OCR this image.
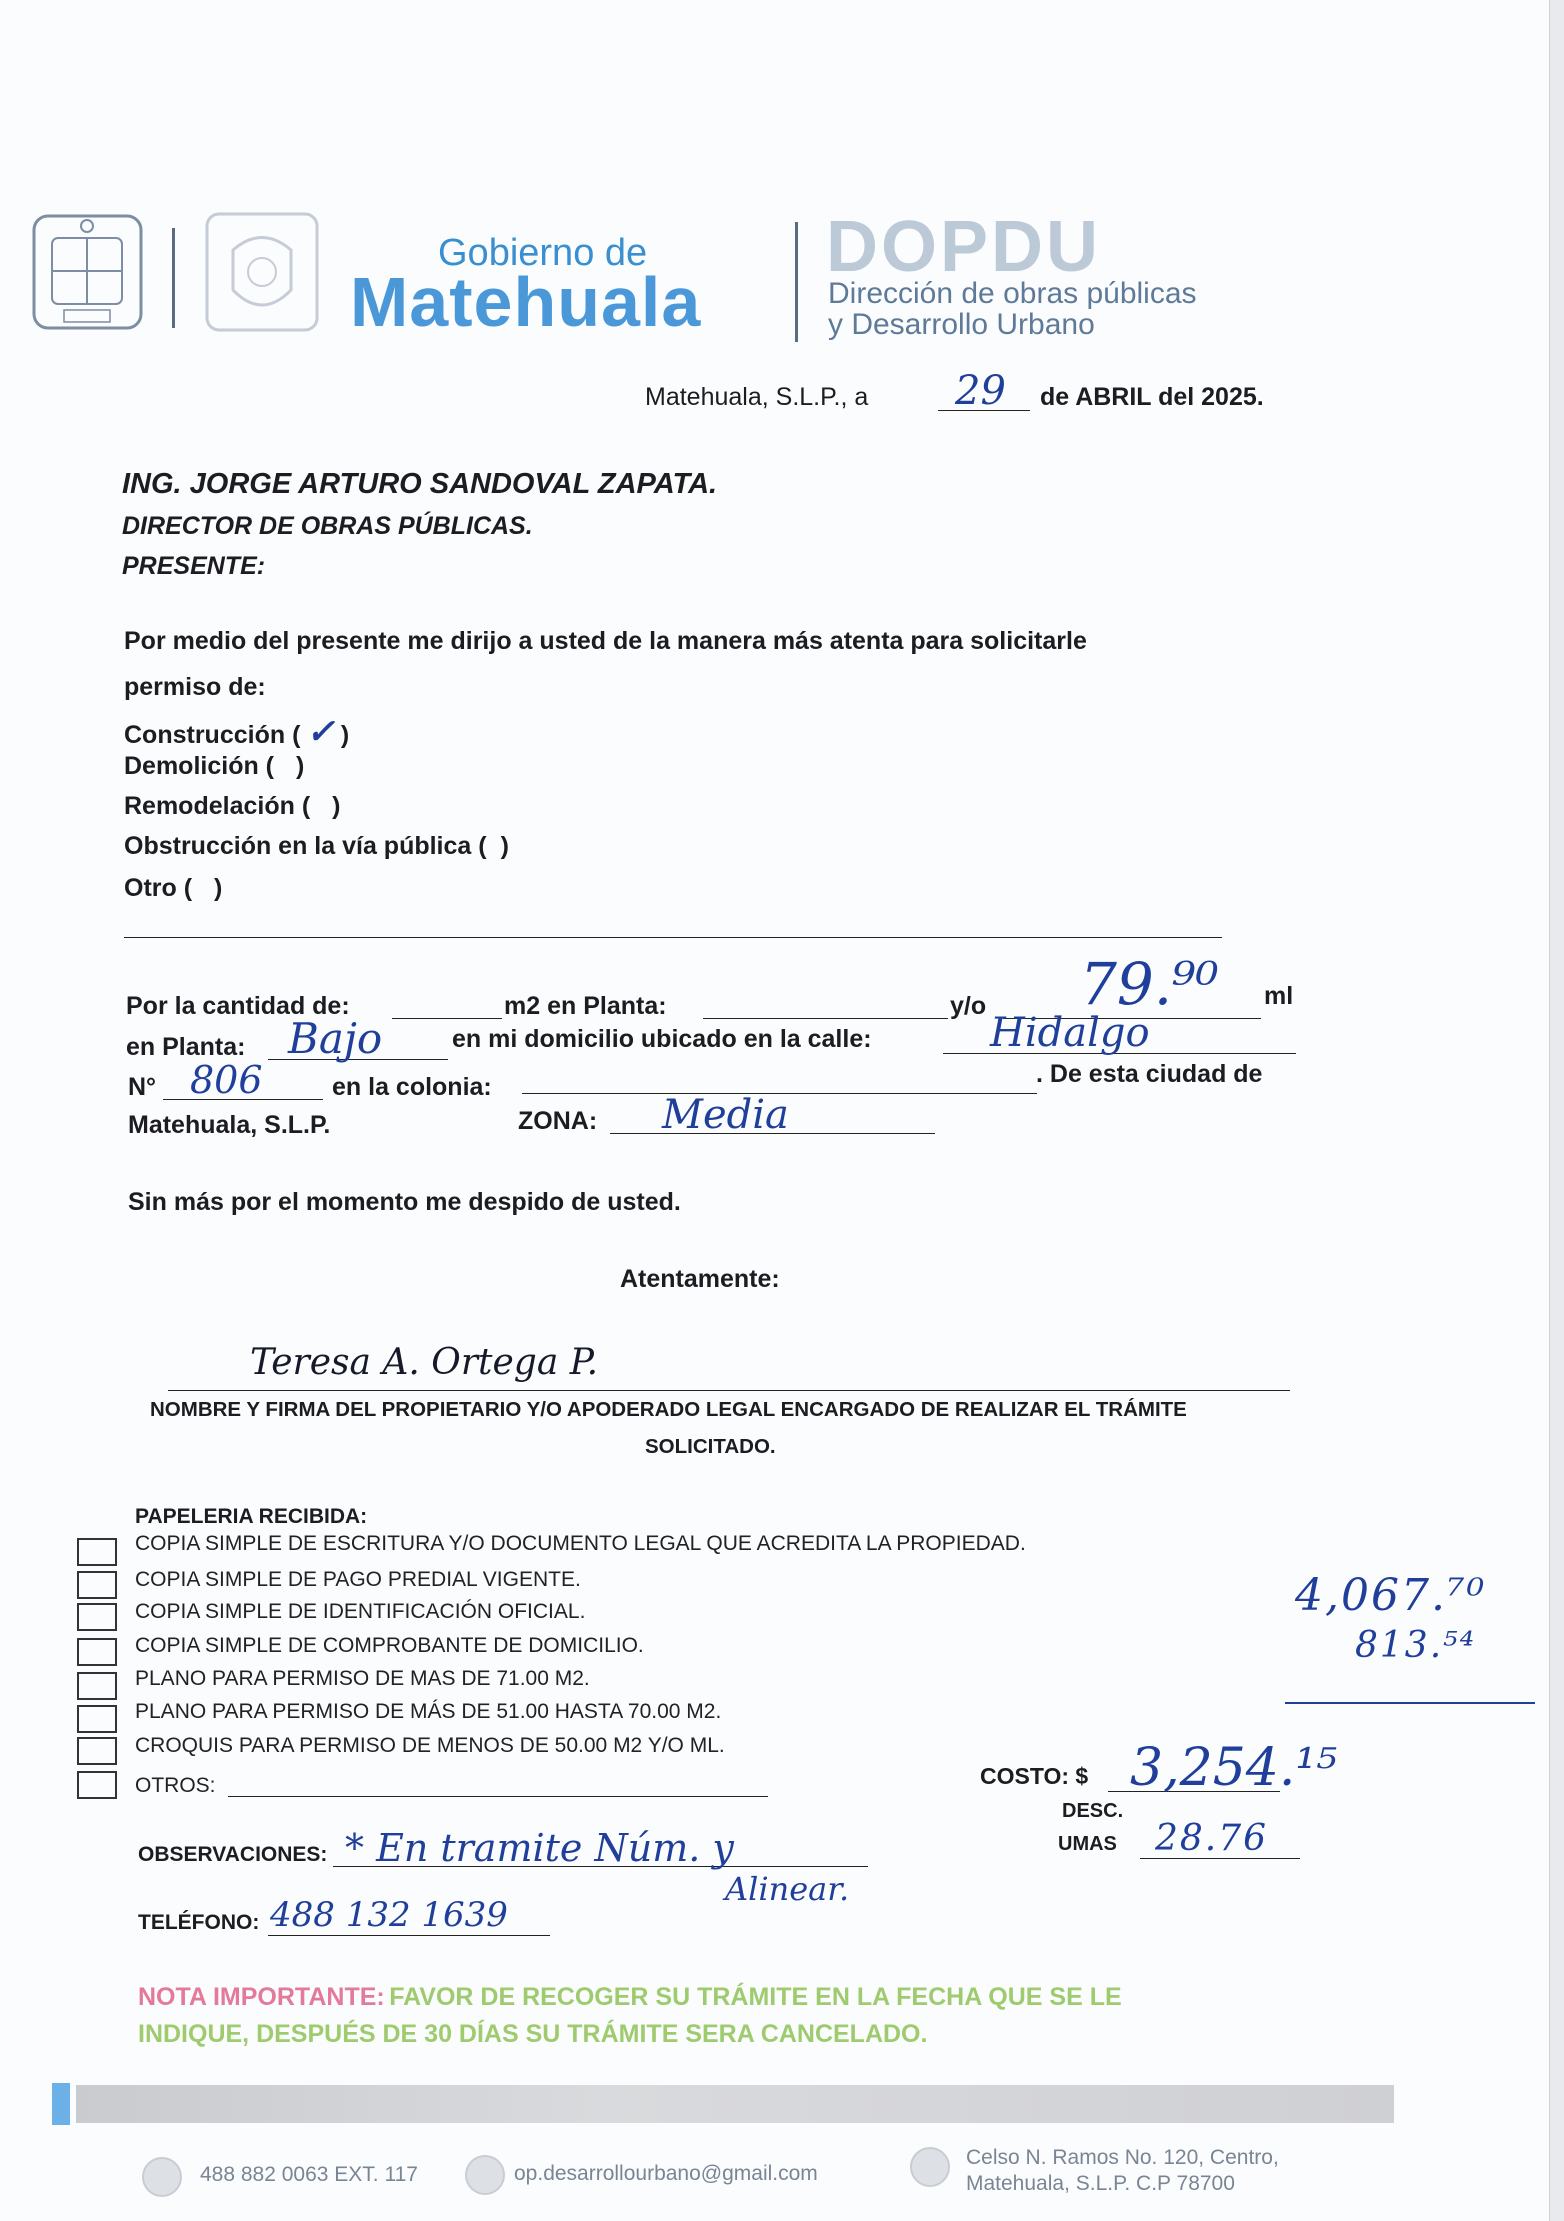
Gobierno de
Matehuala
DOPDU
Dirección de obras públicas
y Desarrollo Urbano
Matehuala, S.L.P., a 29 de ABRIL del 2025.
ING. JORGE ARTURO SANDOVAL ZAPATA.
DIRECTOR DE OBRAS PÚBLICAS.
PRESENTE:
Por medio del presente me dirijo a usted de la manera más atenta para solicitarle
permiso de:
Construcción ( ✓ )
Demolición ( )
Remodelación ( )
Obstrucción en la vía pública ( )
Otro ( )
Por la cantidad de:	m2 en Planta:	y/o 79.⁹⁰ ml
en Planta: Bajo	en mi domicilio ubicado en la calle:	Hidalgo
N° 806	en la colonia:	. De esta ciudad de
Matehuala, S.L.P.	ZONA: Media
Sin más por el momento me despido de usted.
Atentamente:
Teresa A. Ortega P.
NOMBRE Y FIRMA DEL PROPIETARIO Y/O APODERADO LEGAL ENCARGADO DE REALIZAR EL TRÁMITE
SOLICITADO.
PAPELERIA RECIBIDA:
COPIA SIMPLE DE ESCRITURA Y/O DOCUMENTO LEGAL QUE ACREDITA LA PROPIEDAD.
COPIA SIMPLE DE PAGO PREDIAL VIGENTE.
COPIA SIMPLE DE IDENTIFICACIÓN OFICIAL.
COPIA SIMPLE DE COMPROBANTE DE DOMICILIO.
PLANO PARA PERMISO DE MAS DE 71.00 M2.
PLANO PARA PERMISO DE MÁS DE 51.00 HASTA 70.00 M2.
CROQUIS PARA PERMISO DE MENOS DE 50.00 M2 Y/O ML.
OTROS:
4,067.⁷⁰
813.⁵⁴
COSTO: $ 3,254.¹⁵
DESC.
UMAS 28.76
OBSERVACIONES: * En tramite Núm. y
Alinear.
TELÉFONO: 488 132 1639
NOTA IMPORTANTE: FAVOR DE RECOGER SU TRÁMITE EN LA FECHA QUE SE LE
INDIQUE, DESPUÉS DE 30 DÍAS SU TRÁMITE SERA CANCELADO.
488 882 0063 EXT. 117	op.desarrollourbano@gmail.com
Celso N. Ramos No. 120, Centro,
Matehuala, S.L.P. C.P 78700
